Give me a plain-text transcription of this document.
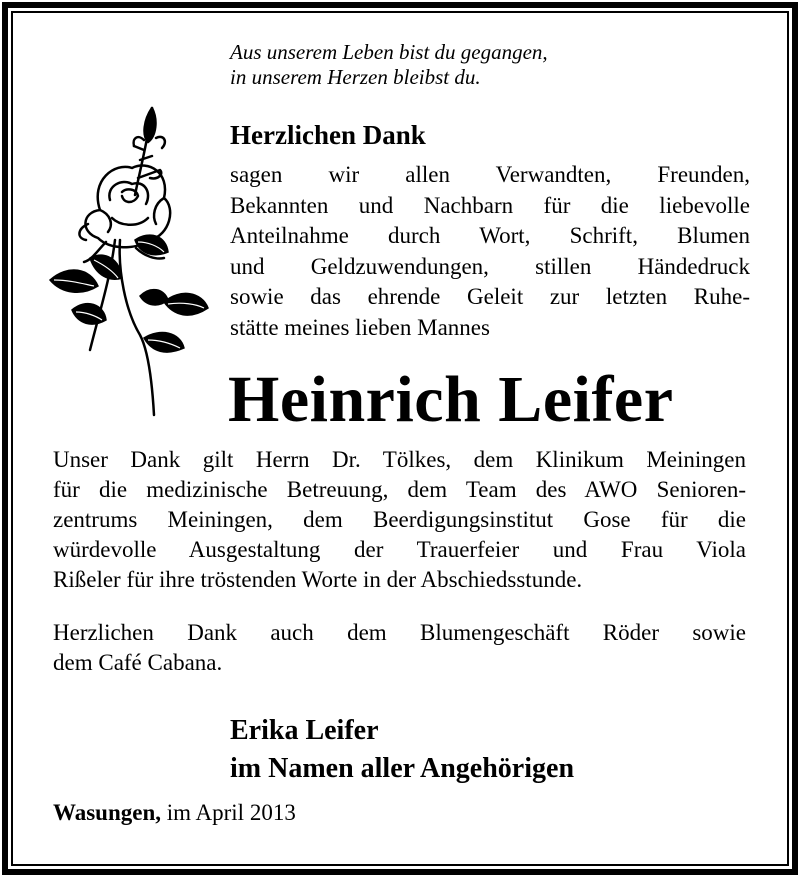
Aus unserem Leben bist du gegangen,
in unserem Herzen bleibst du.
Herzlichen Dank
sagen wir allen Verwandten, Freunden,
Bekannten und Nachbarn für die liebevolle
Anteilnahme durch Wort, Schrift, Blumen
und Geldzuwendungen, stillen Händedruck
sowie das ehrende Geleit zur letzten Ruhe-
stätte meines lieben Mannes
Heinrich Leifer
Unser Dank gilt Herrn Dr. Tölkes, dem Klinikum Meiningen
für die medizinische Betreuung, dem Team des AWO Senioren-
zentrums Meiningen, dem Beerdigungsinstitut Gose für die
würdevolle Ausgestaltung der Trauerfeier und Frau Viola
Rißeler für ihre tröstenden Worte in der Abschiedsstunde.
Herzlichen Dank auch dem Blumengeschäft Röder sowie
dem Café Cabana.
Erika Leifer
im Namen aller Angehörigen
Wasungen, im April 2013
